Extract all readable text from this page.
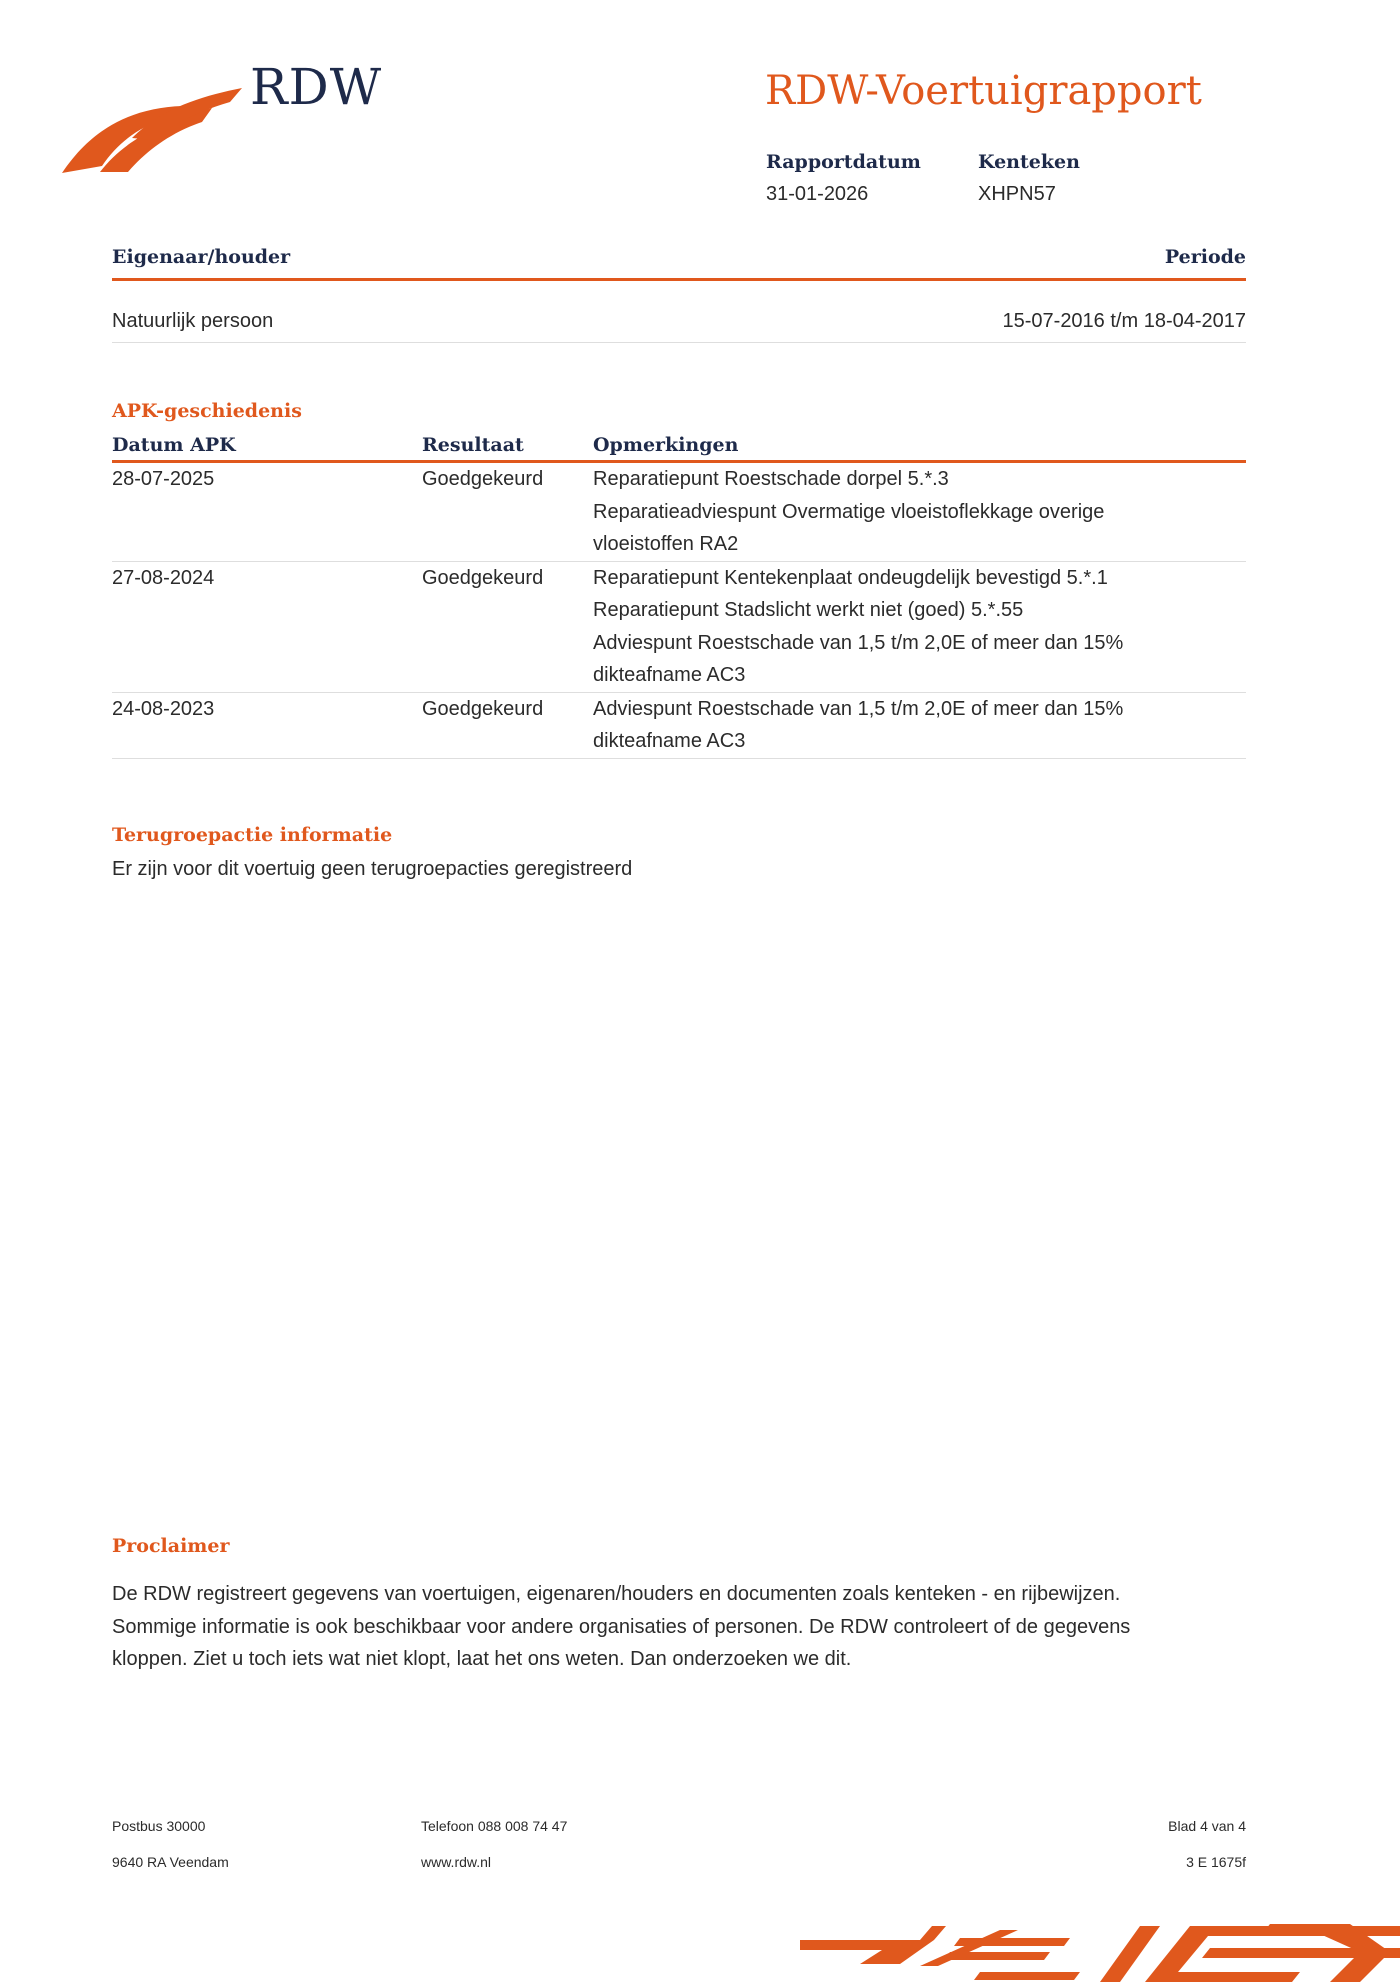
RDW	RDW-Voertuigrapport
Rapportdatum
31-01-2026
Kenteken
XHPN57
Eigenaar/houder	Periode
Natuurlijk persoon	15-07-2016 t/m 18-04-2017
APK-geschiedenis
Datum APK	Resultaat	Opmerkingen

28-07-2025	Goedgekeurd	Reparatiepunt Roestschade dorpel 5.*.3
Reparatieadviespunt Overmatige vloeistoflekkage overige
vloeistoffen RA2

27-08-2024	Goedgekeurd	Reparatiepunt Kentekenplaat ondeugdelijk bevestigd 5.*.1
Reparatiepunt Stadslicht werkt niet (goed) 5.*.55
Adviespunt Roestschade van 1,5 t/m 2,0E of meer dan 15%
dikteafname AC3

24-08-2023	Goedgekeurd	Adviespunt Roestschade van 1,5 t/m 2,0E of meer dan 15%
dikteafname AC3
Terugroepactie informatie
Er zijn voor dit voertuig geen terugroepacties geregistreerd
Proclaimer
De RDW registreert gegevens van voertuigen, eigenaren/houders en documenten zoals kenteken - en rijbewijzen.
Sommige informatie is ook beschikbaar voor andere organisaties of personen. De RDW controleert of de gegevens
kloppen. Ziet u toch iets wat niet klopt, laat het ons weten. Dan onderzoeken we dit.
Postbus 30000
9640 RA Veendam
Telefoon 088 008 74 47
www.rdw.nl
Blad 4 van 4
3 E 1675f
